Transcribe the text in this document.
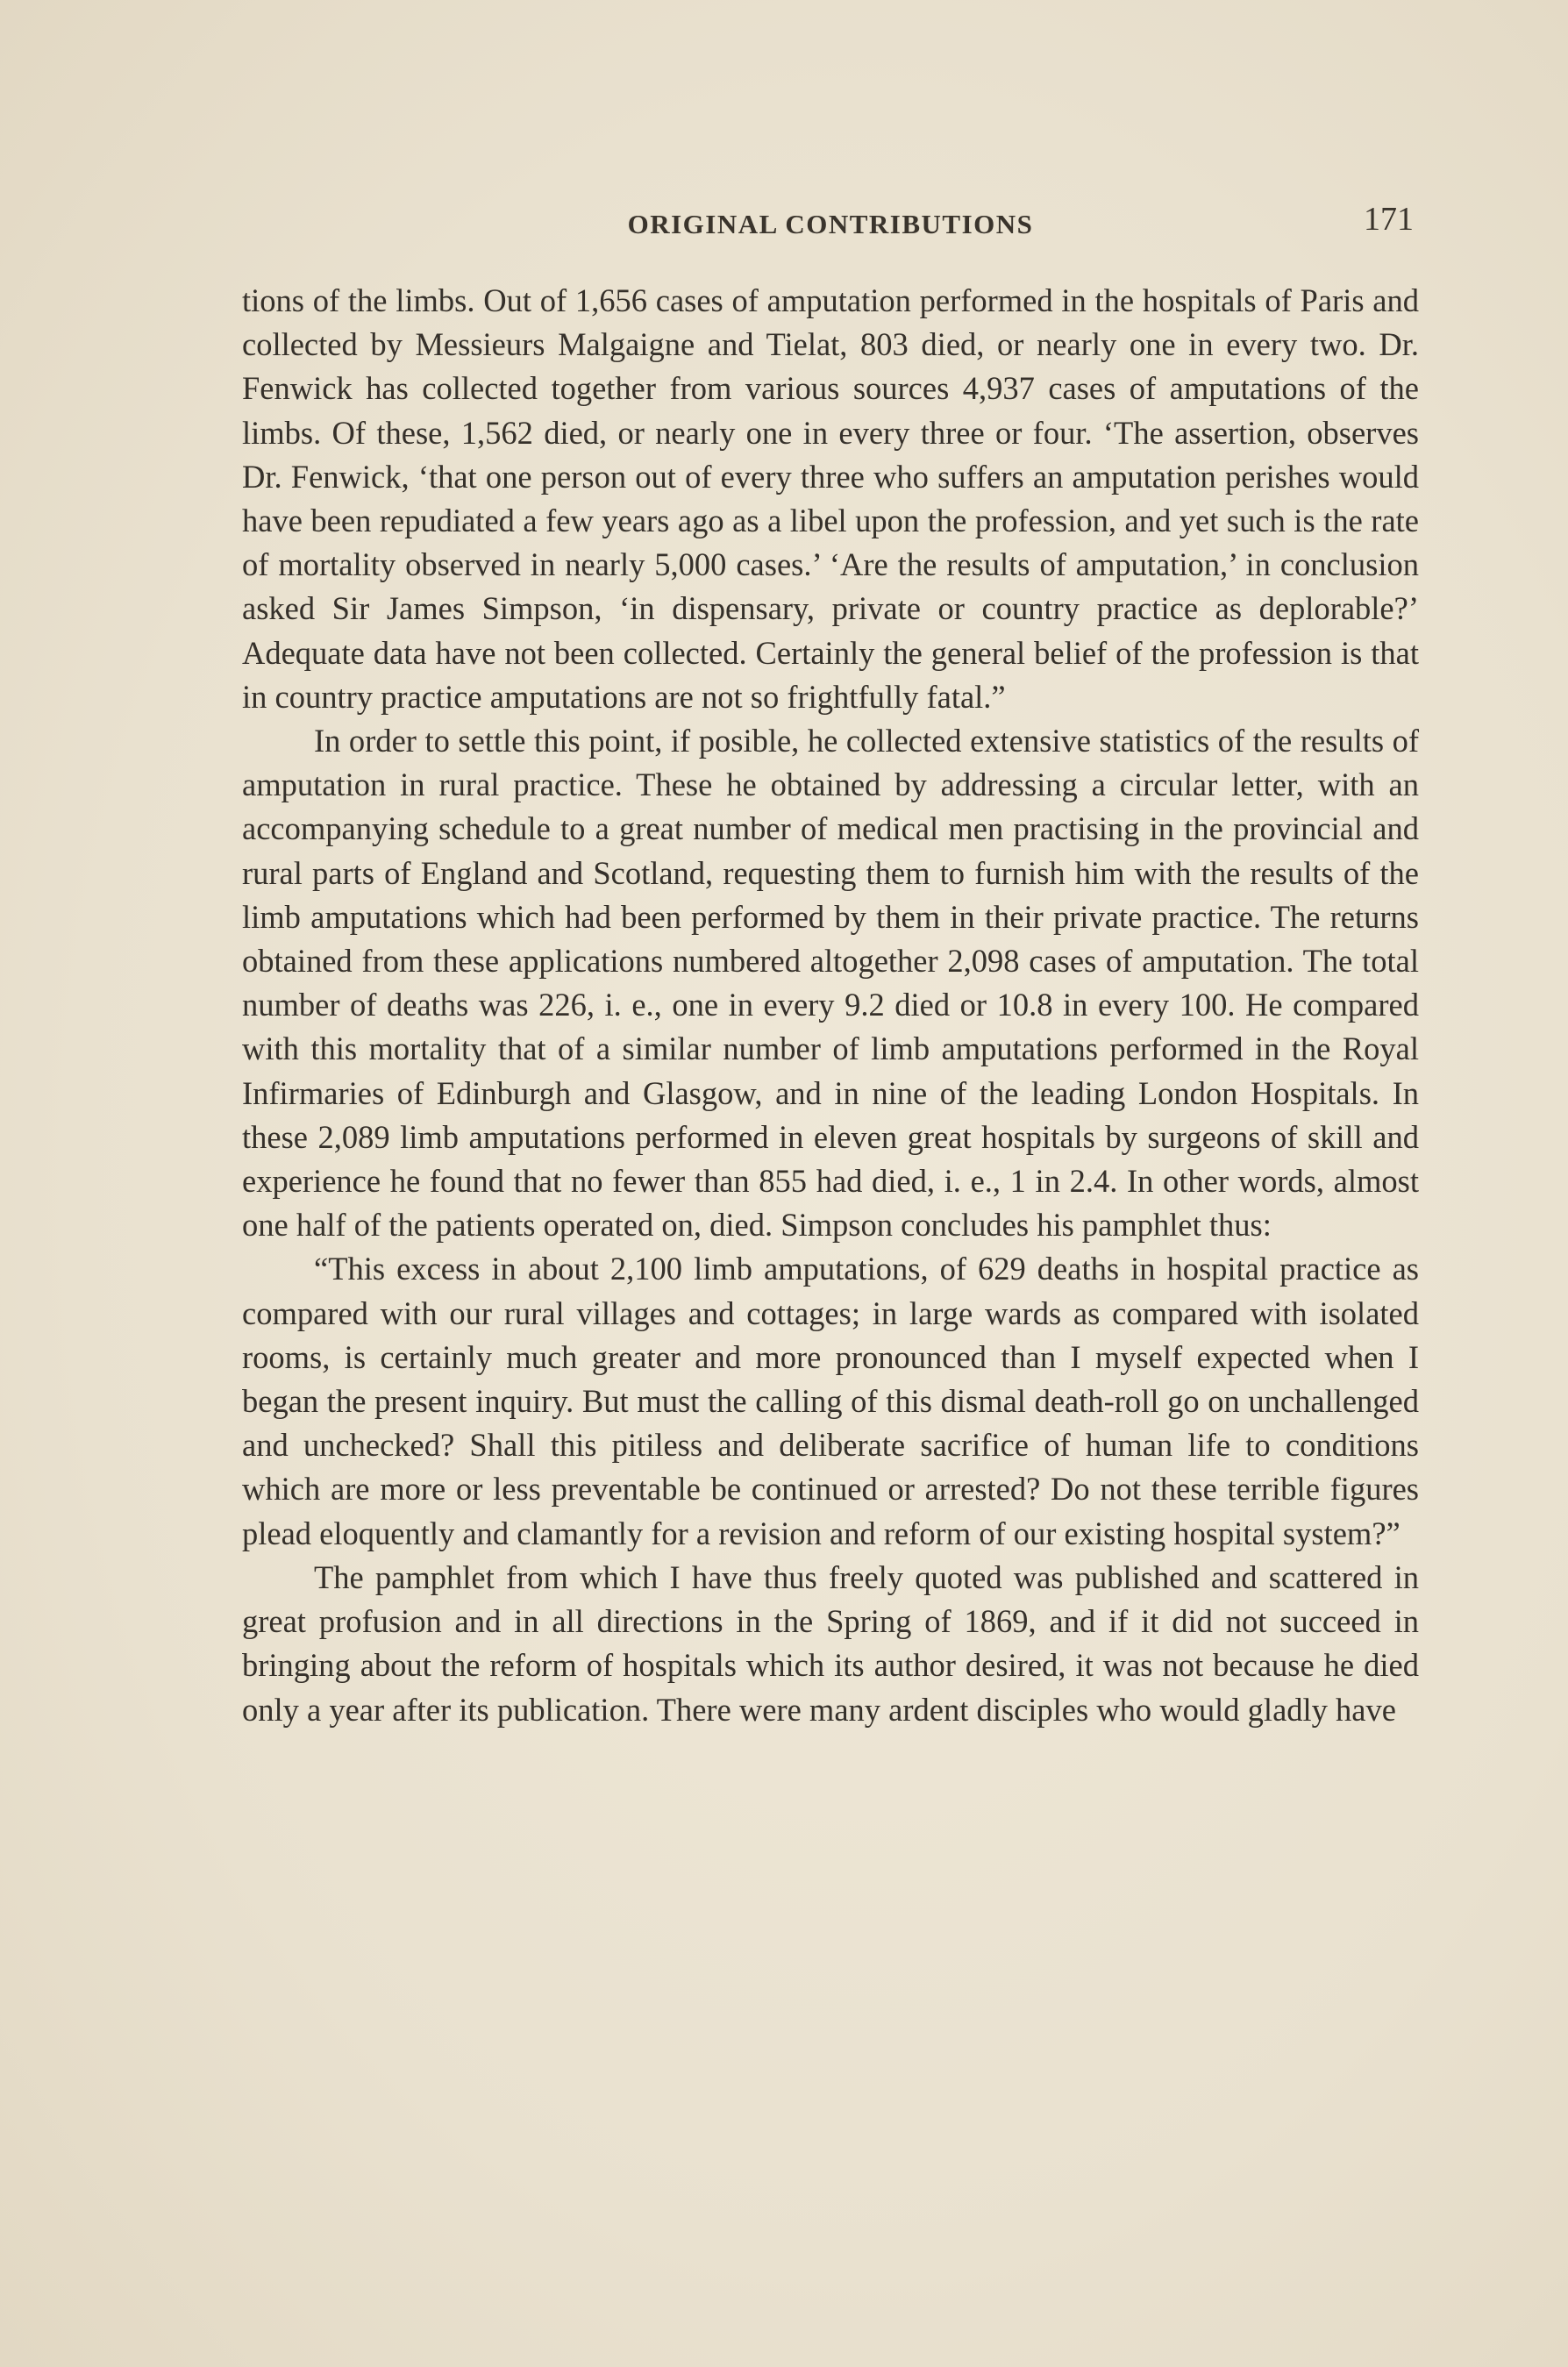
ORIGINAL CONTRIBUTIONS	171

tions of the limbs. Out of 1,656 cases of amputation performed in the hospitals of Paris and collected by Messieurs Malgaigne and Tielat, 803 died, or nearly one in every two. Dr. Fenwick has collected together from various sources 4,937 cases of amputations of the limbs. Of these, 1,562 died, or nearly one in every three or four. ‘The assertion, observes Dr. Fenwick, ‘that one person out of every three who suffers an amputation perishes would have been repudiated a few years ago as a libel upon the profession, and yet such is the rate of mortality observed in nearly 5,000 cases.’ ‘Are the results of amputation,’ in conclusion asked Sir James Simpson, ‘in dispensary, private or country practice as deplorable?’ Adequate data have not been collected. Certainly the general belief of the profession is that in country practice amputations are not so frightfully fatal.”

In order to settle this point, if posible, he collected extensive statistics of the results of amputation in rural practice. These he obtained by addressing a circular letter, with an accompanying schedule to a great number of medical men practising in the provincial and rural parts of England and Scotland, requesting them to furnish him with the results of the limb amputations which had been performed by them in their private practice. The returns obtained from these applications numbered altogether 2,098 cases of amputation. The total number of deaths was 226, i. e., one in every 9.2 died or 10.8 in every 100. He compared with this mortality that of a similar number of limb amputations performed in the Royal Infirmaries of Edinburgh and Glasgow, and in nine of the leading London Hospitals. In these 2,089 limb amputations performed in eleven great hospitals by surgeons of skill and experience he found that no fewer than 855 had died, i. e., 1 in 2.4. In other words, almost one half of the patients operated on, died. Simpson concludes his pamphlet thus:

“This excess in about 2,100 limb amputations, of 629 deaths in hospital practice as compared with our rural villages and cottages; in large wards as compared with isolated rooms, is certainly much greater and more pronounced than I myself expected when I began the present inquiry. But must the calling of this dismal death-roll go on unchallenged and unchecked? Shall this pitiless and deliberate sacrifice of human life to conditions which are more or less preventable be continued or arrested? Do not these terrible figures plead eloquently and clamantly for a revision and reform of our existing hospital system?”

The pamphlet from which I have thus freely quoted was published and scattered in great profusion and in all directions in the Spring of 1869, and if it did not succeed in bringing about the reform of hospitals which its author desired, it was not because he died only a year after its publication. There were many ardent disciples who would gladly have
